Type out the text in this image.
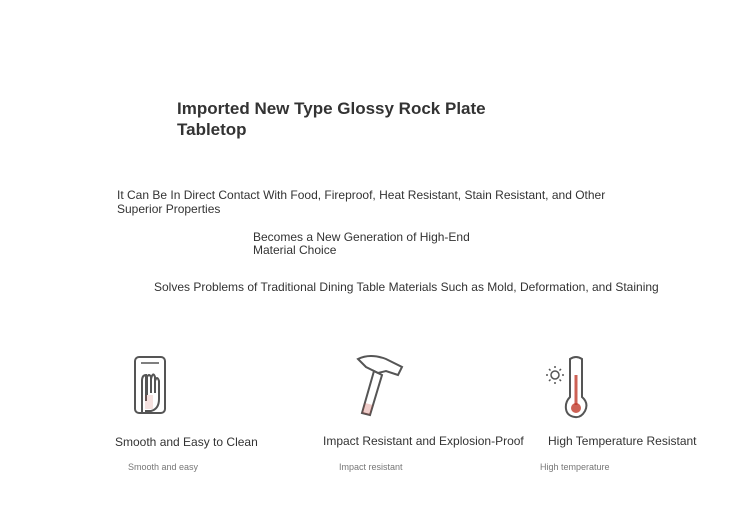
Imported New Type Glossy Rock Plate Tabletop
It Can Be In Direct Contact With Food, Fireproof, Heat Resistant, Stain Resistant, and Other Superior Properties
Becomes a New Generation of High-End Material Choice
Solves Problems of Traditional Dining Table Materials Such as Mold, Deformation, and Staining
Smooth and Easy to Clean
Smooth and easy
Impact Resistant and Explosion-Proof
Impact resistant
High Temperature Resistant
High temperature
